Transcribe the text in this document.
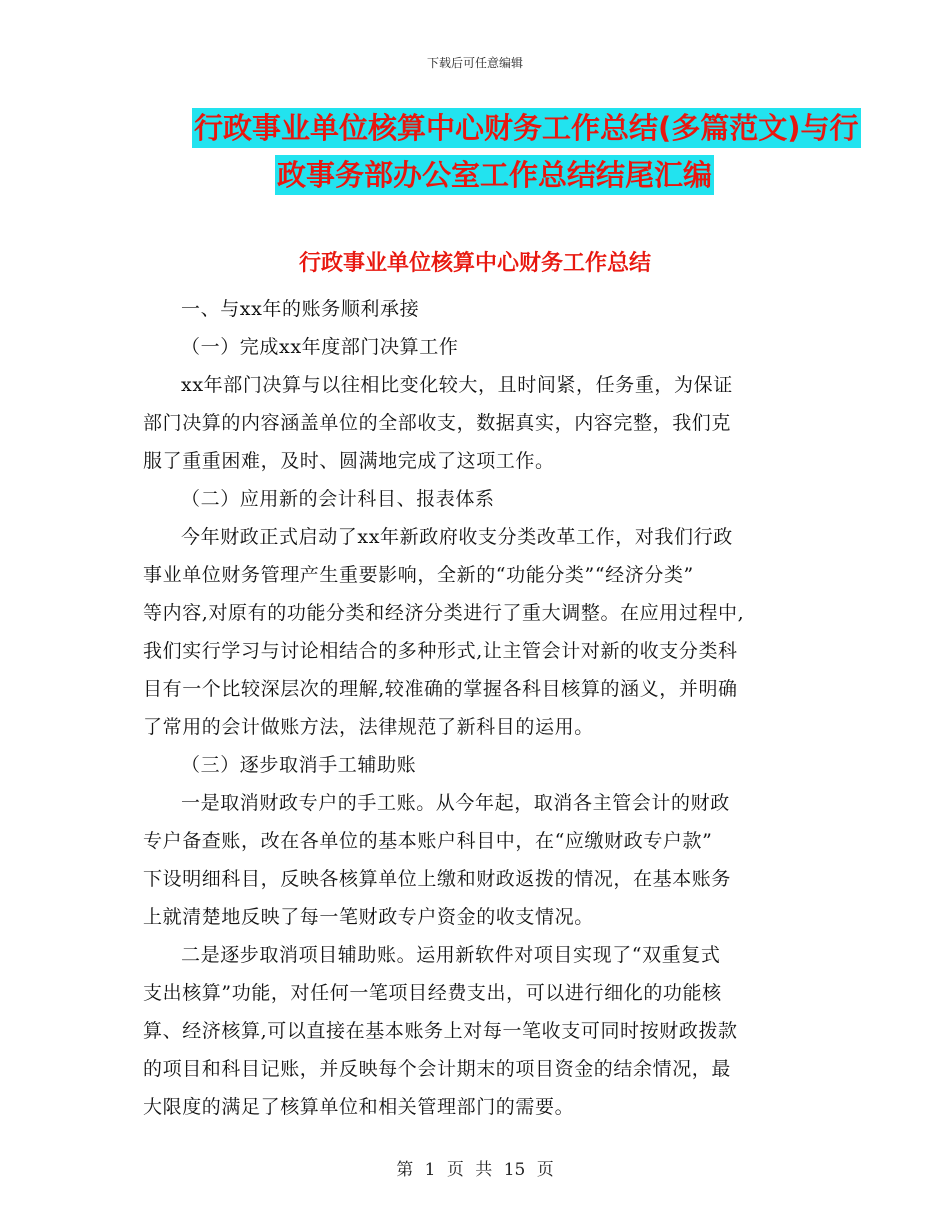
下载后可任意编辑
行政事业单位核算中心财务工作总结(多篇范文)与行
政事务部办公室工作总结结尾汇编
行政事业单位核算中心财务工作总结

一、与xx年的账务顺利承接

（一）完成xx年度部门决算工作

xx年部门决算与以往相比变化较大，且时间紧，任务重，为保证

部门决算的内容涵盖单位的全部收支，数据真实，内容完整，我们克

服了重重困难，及时、圆满地完成了这项工作。

（二）应用新的会计科目、报表体系

今年财政正式启动了xx年新政府收支分类改革工作，对我们行政

事业单位财务管理产生重要影响，全新的“功能分类”“经济分类”

等内容,对原有的功能分类和经济分类进行了重大调整。在应用过程中,

我们实行学习与讨论相结合的多种形式,让主管会计对新的收支分类科

目有一个比较深层次的理解,较准确的掌握各科目核算的涵义，并明确

了常用的会计做账方法，法律规范了新科目的运用。

（三）逐步取消手工辅助账

一是取消财政专户的手工账。从今年起，取消各主管会计的财政

专户备查账，改在各单位的基本账户科目中，在“应缴财政专户款”

下设明细科目，反映各核算单位上缴和财政返拨的情况，在基本账务

上就清楚地反映了每一笔财政专户资金的收支情况。

二是逐步取消项目辅助账。运用新软件对项目实现了“双重复式

支出核算”功能，对任何一笔项目经费支出，可以进行细化的功能核

算、经济核算,可以直接在基本账务上对每一笔收支可同时按财政拨款

的项目和科目记账，并反映每个会计期末的项目资金的结余情况，最

大限度的满足了核算单位和相关管理部门的需要。

第 1 页 共 15 页
